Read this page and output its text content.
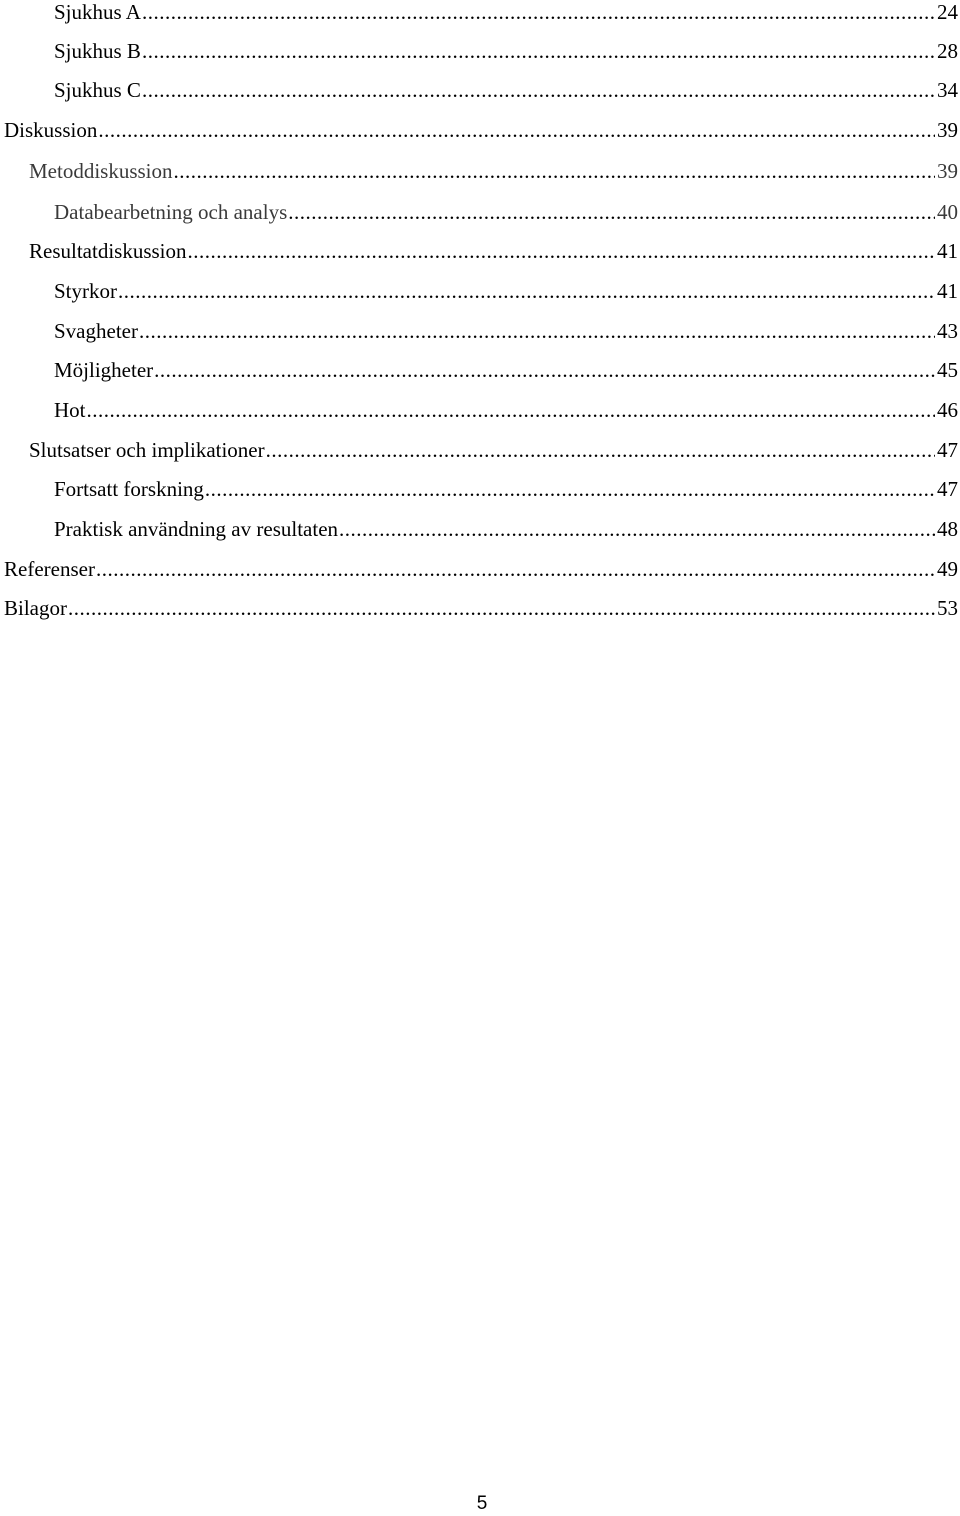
Sjukhus A .....	24
Sjukhus B .....	28
Sjukhus C .....	34
Diskussion .....	39
Metoddiskussion .....	39
Databearbetning och analys .....	40
Resultatdiskussion .....	41
Styrkor .....	41
Svagheter .....	43
Möjligheter .....	45
Hot .....	46
Slutsatser och implikationer .....	47
Fortsatt forskning .....	47
Praktisk användning av resultaten .....	48
Referenser .....	49
Bilagor .....	53
5
